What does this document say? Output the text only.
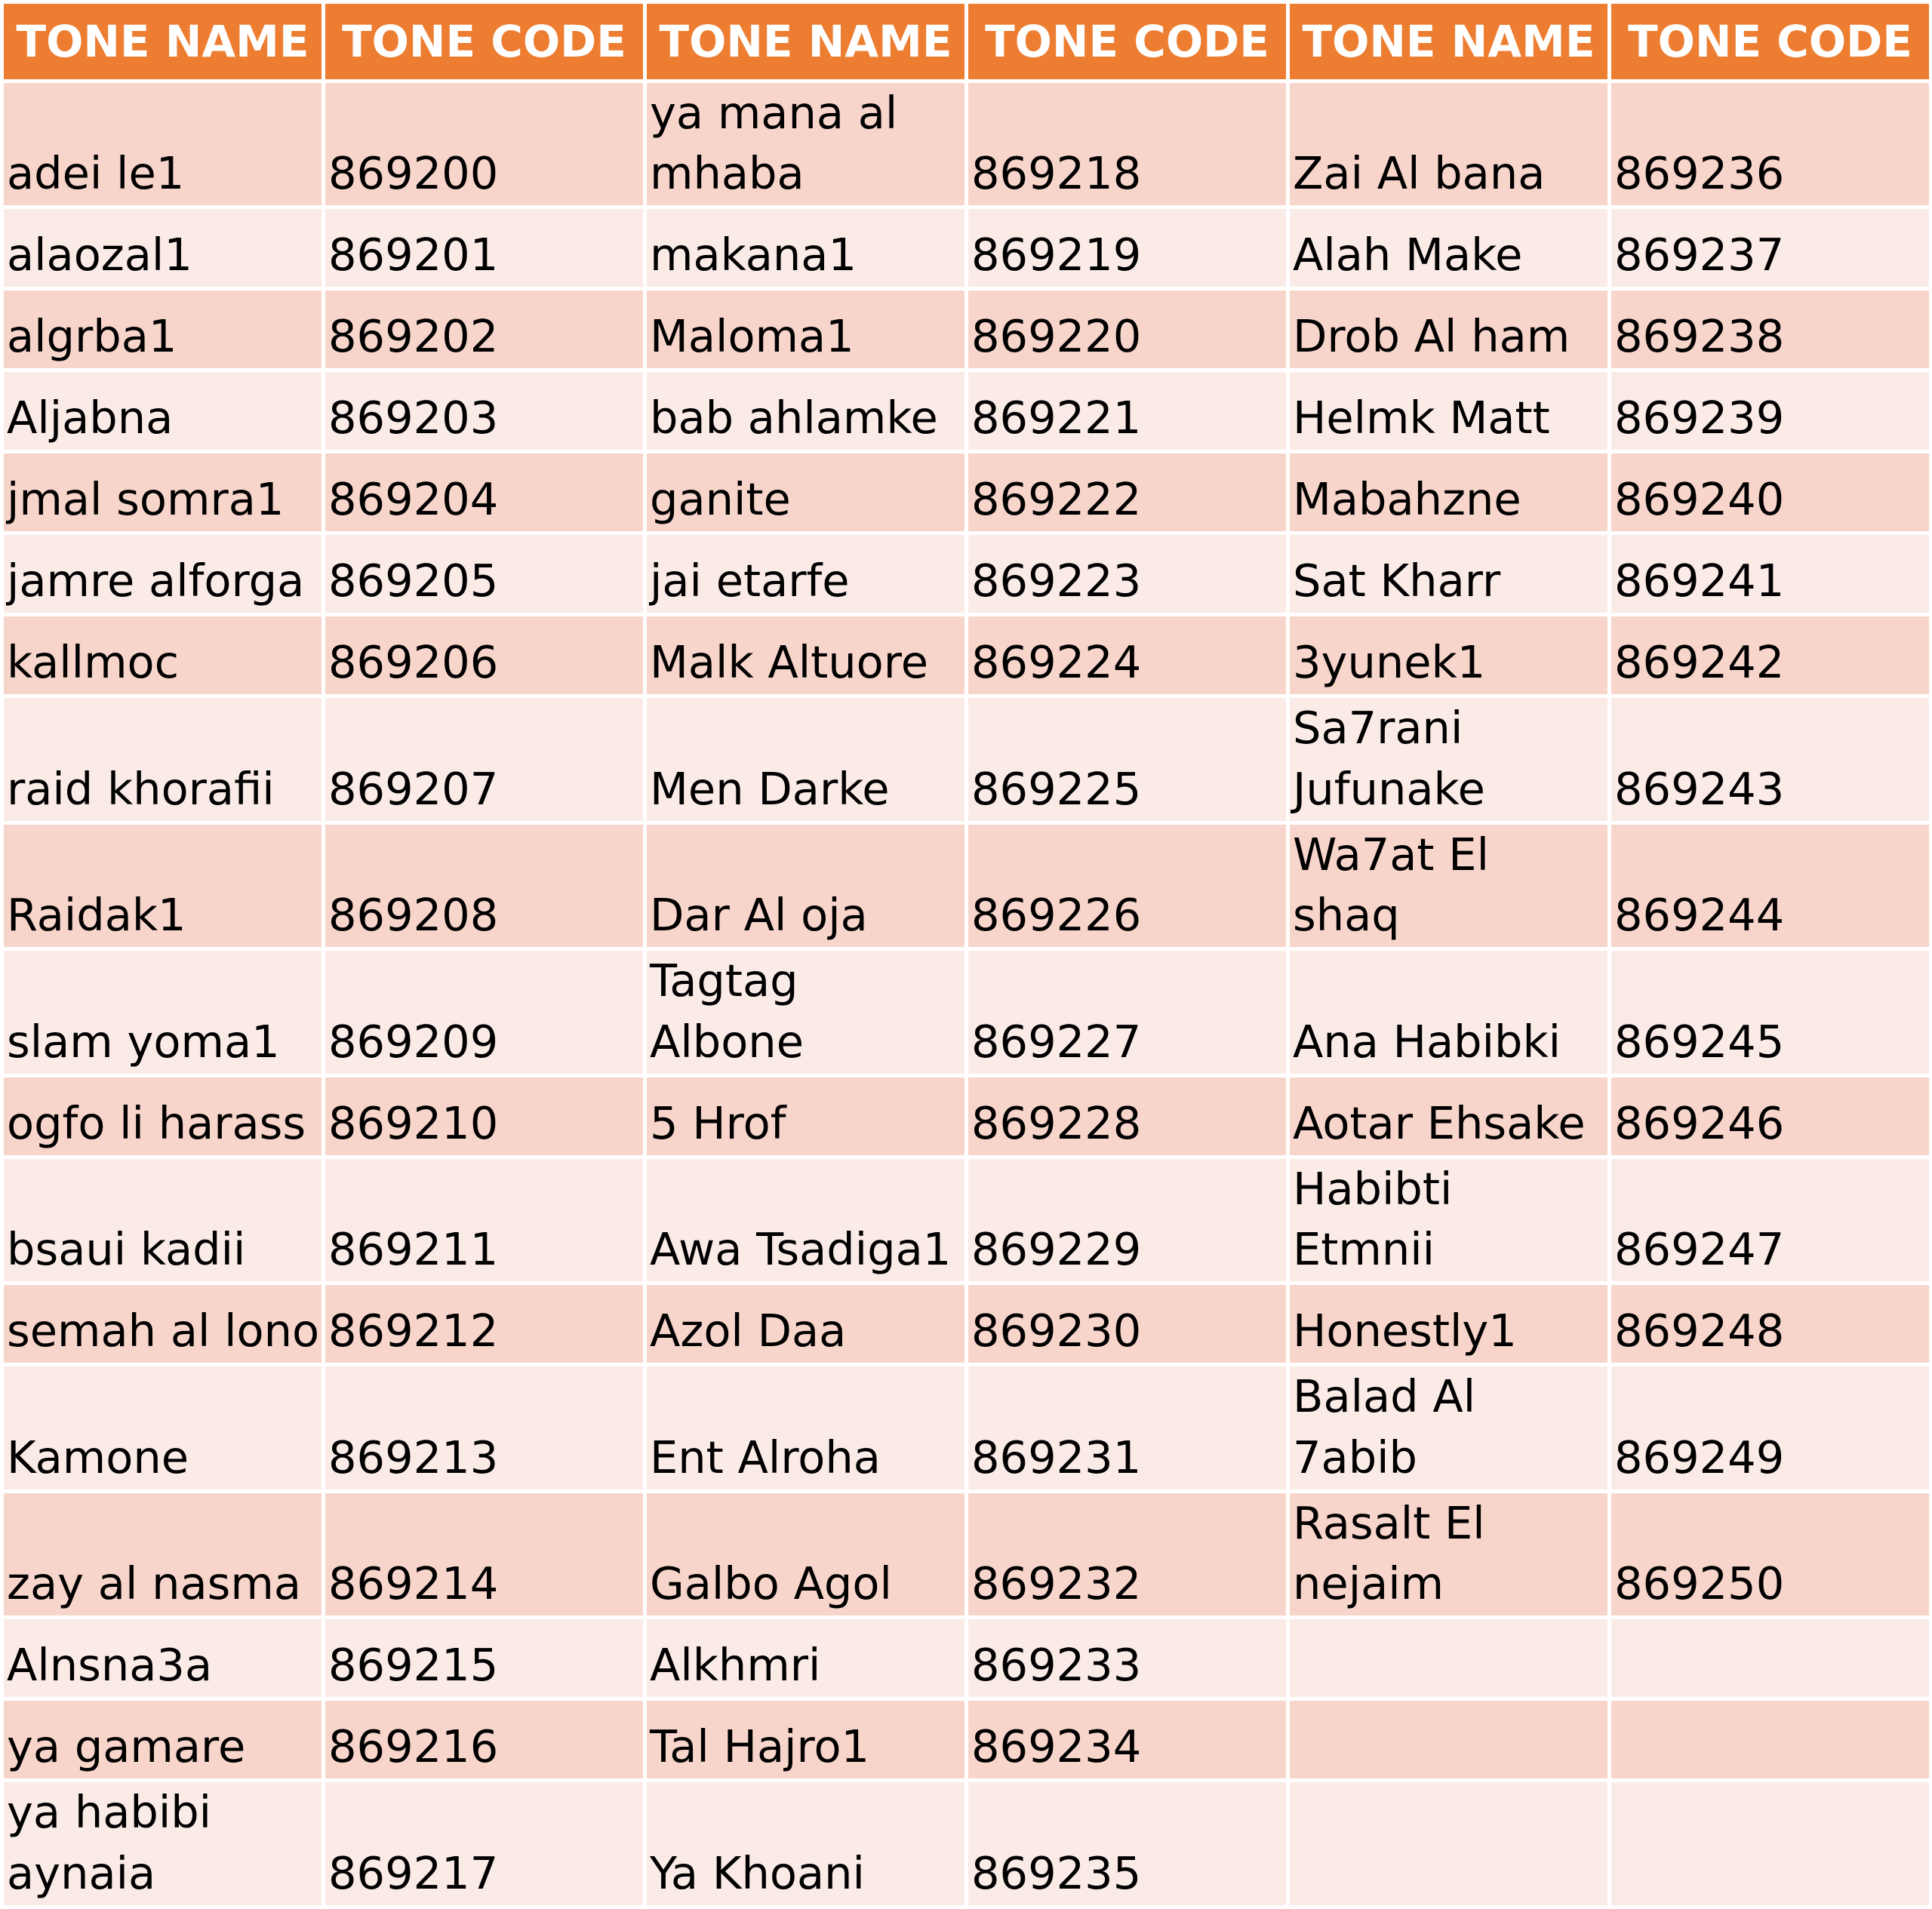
TONE NAME	TONE CODE	TONE NAME	TONE CODE	TONE NAME	TONE CODE
adei le1	869200	ya mana al mhaba	869218	Zai Al bana	869236
alaozal1	869201	makana1	869219	Alah Make	869237
algrba1	869202	Maloma1	869220	Drob Al ham	869238
Aljabna	869203	bab ahlamke	869221	Helmk Matt	869239
jmal somra1	869204	ganite	869222	Mabahzne	869240
jamre alforga	869205	jai etarfe	869223	Sat Kharr	869241
kallmoc	869206	Malk Altuore	869224	3yunek1	869242
raid khorafii	869207	Men Darke	869225	Sa7rani Jufunake	869243
Raidak1	869208	Dar Al oja	869226	Wa7at El shaq	869244
slam yoma1	869209	Tagtag Albone	869227	Ana Habibki	869245
ogfo li harass	869210	5 Hrof	869228	Aotar Ehsake	869246
bsaui kadii	869211	Awa Tsadiga1	869229	Habibti Etmnii	869247
semah al lono	869212	Azol Daa	869230	Honestly1	869248
Kamone	869213	Ent Alroha	869231	Balad Al 7abib	869249
zay al nasma	869214	Galbo Agol	869232	Rasalt El nejaim	869250
Alnsna3a	869215	Alkhmri	869233		
ya gamare	869216	Tal Hajro1	869234		
ya habibi aynaia	869217	Ya Khoani	869235		
